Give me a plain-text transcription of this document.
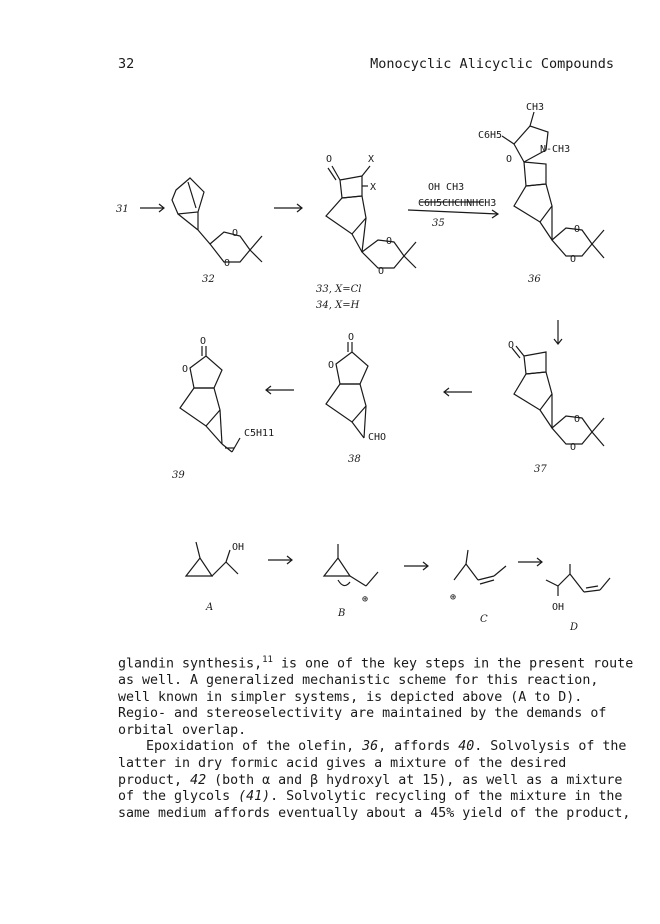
32	Monocyclic Alicyclic Compounds
31
32
33, X=Cl
34, X=H
35
36
37
38
39
A
B
C
D
O
O
O	X
X
O
O
OH CH3
C6H5CHCHNHCH3
CH3
C6H5
N-CH3
O
O
O
O
O
O
O
O
CHO
O
O
C5H11
OH
⊕	⊕
OH

glandin synthesis,$^{11}$ is one of the key steps in the present route as well. A generalized mechanistic scheme for this reaction, well known in simpler systems, is depicted above (A to D). Regio- and stereoselectivity are maintained by the demands of orbital overlap.

Epoxidation of the olefin, 36, affords 40. Solvolysis of the latter in dry formic acid gives a mixture of the desired product, 42 (both α and β hydroxyl at 15), as well as a mixture of the glycols (41). Solvolytic recycling of the mixture in the same medium affords eventually about a 45% yield of the product,
